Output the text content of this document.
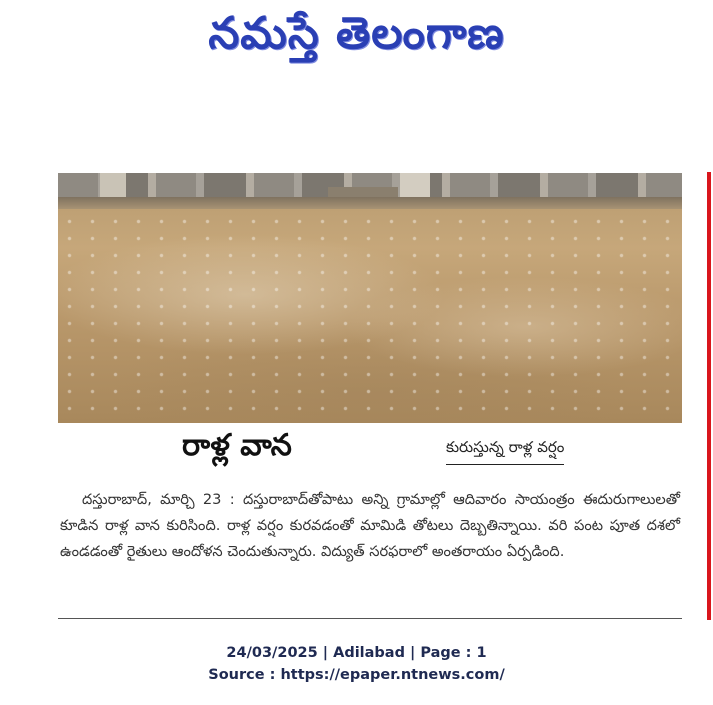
నమస్తే తెలంగాణ
రాళ్ల వాన	కురుస్తున్న రాళ్ల వర్షం
దస్తురాబాద్, మార్చి 23 : దస్తురాబాద్‌తోపాటు అన్ని గ్రామాల్లో ఆదివారం సాయంత్రం ఈదురుగాలులతో కూడిన రాళ్ల వాన కురిసింది. రాళ్ల వర్షం కురవడంతో మామిడి తోటలు దెబ్బతిన్నాయి. వరి పంట పూత దశలో ఉండడంతో రైతులు ఆందోళన చెందుతున్నారు. విద్యుత్ సరఫరాలో అంతరాయం ఏర్పడింది.
24/03/2025 | Adilabad | Page : 1
Source : https://epaper.ntnews.com/
